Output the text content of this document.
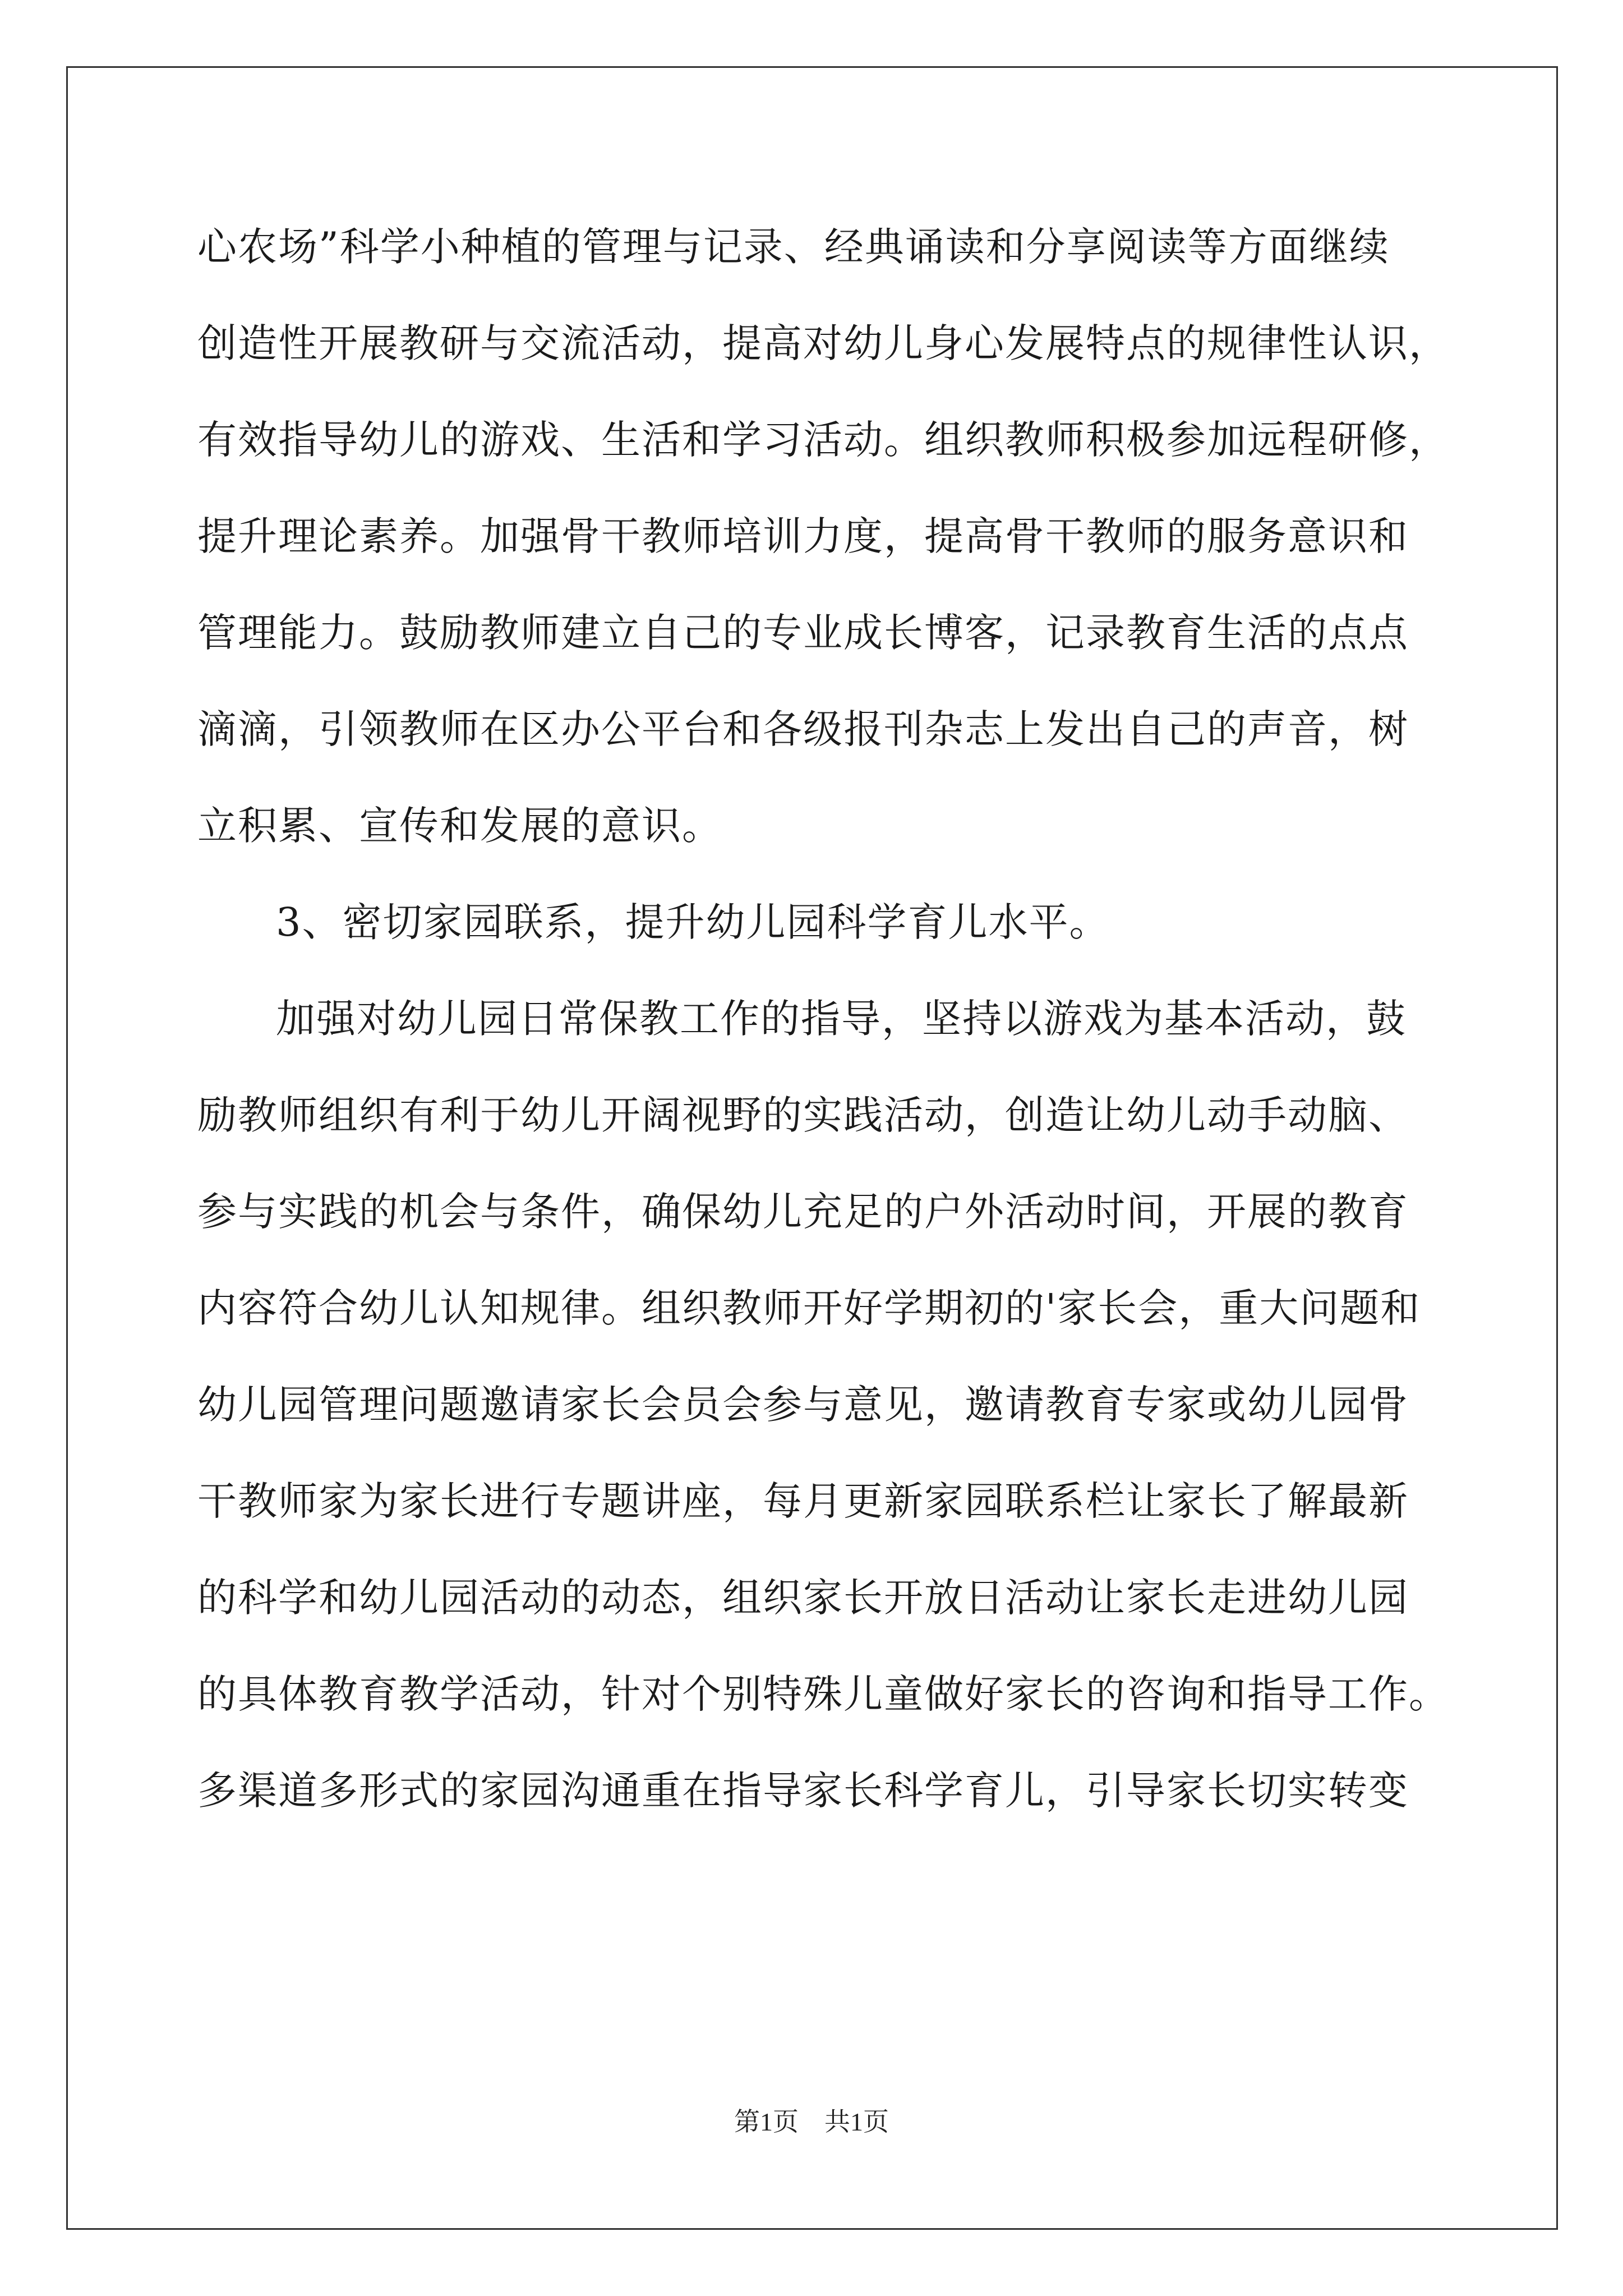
心农场”科学小种植的管理与记录、经典诵读和分享阅读等方面继续
创造性开展教研与交流活动，提高对幼儿身心发展特点的规律性认识，
有效指导幼儿的游戏、生活和学习活动。组织教师积极参加远程研修，
提升理论素养。加强骨干教师培训力度，提高骨干教师的服务意识和
管理能力。鼓励教师建立自己的专业成长博客，记录教育生活的点点
滴滴，引领教师在区办公平台和各级报刊杂志上发出自己的声音，树
立积累、宣传和发展的意识。
3、密切家园联系，提升幼儿园科学育儿水平。
加强对幼儿园日常保教工作的指导，坚持以游戏为基本活动，鼓
励教师组织有利于幼儿开阔视野的实践活动，创造让幼儿动手动脑、
参与实践的机会与条件，确保幼儿充足的户外活动时间，开展的教育
内容符合幼儿认知规律。组织教师开好学期初的'家长会，重大问题和
幼儿园管理问题邀请家长会员会参与意见，邀请教育专家或幼儿园骨
干教师家为家长进行专题讲座，每月更新家园联系栏让家长了解最新
的科学和幼儿园活动的动态，组织家长开放日活动让家长走进幼儿园
的具体教育教学活动，针对个别特殊儿童做好家长的咨询和指导工作。
多渠道多形式的家园沟通重在指导家长科学育儿，引导家长切实转变
第1页　共1页
